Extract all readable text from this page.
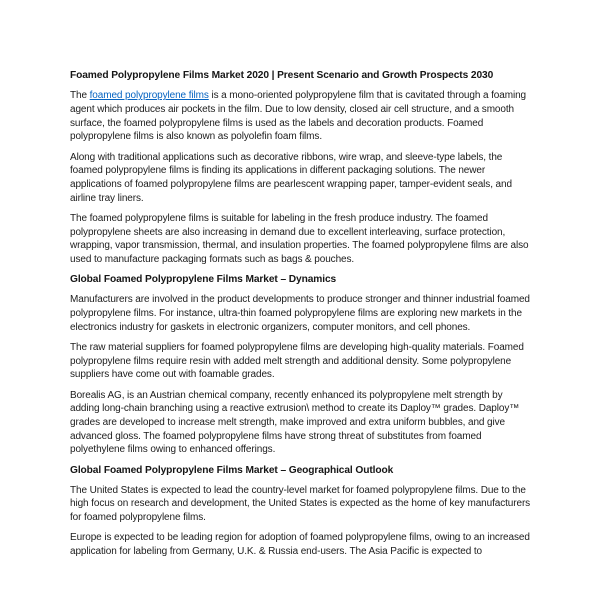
Foamed Polypropylene Films Market 2020 | Present Scenario and Growth Prospects 2030

The foamed polypropylene films is a mono-oriented polypropylene film that is cavitated through a foaming agent which produces air pockets in the film. Due to low density, closed air cell structure, and a smooth surface, the foamed polypropylene films is used as the labels and decoration products. Foamed polypropylene films is also known as polyolefin foam films.

Along with traditional applications such as decorative ribbons, wire wrap, and sleeve-type labels, the foamed polypropylene films is finding its applications in different packaging solutions. The newer applications of foamed polypropylene films are pearlescent wrapping paper, tamper-evident seals, and airline tray liners.

The foamed polypropylene films is suitable for labeling in the fresh produce industry. The foamed polypropylene sheets are also increasing in demand due to excellent interleaving, surface protection, wrapping, vapor transmission, thermal, and insulation properties. The foamed polypropylene films are also used to manufacture packaging formats such as bags & pouches.

Global Foamed Polypropylene Films Market – Dynamics

Manufacturers are involved in the product developments to produce stronger and thinner industrial foamed polypropylene films. For instance, ultra-thin foamed polypropylene films are exploring new markets in the electronics industry for gaskets in electronic organizers, computer monitors, and cell phones.

The raw material suppliers for foamed polypropylene films are developing high-quality materials. Foamed polypropylene films require resin with added melt strength and additional density. Some polypropylene suppliers have come out with foamable grades.

Borealis AG, is an Austrian chemical company, recently enhanced its polypropylene melt strength by adding long-chain branching using a reactive extrusion\ method to create its Daploy™ grades. Daploy™ grades are developed to increase melt strength, make improved and extra uniform bubbles, and give advanced gloss. The foamed polypropylene films have strong threat of substitutes from foamed polyethylene films owing to enhanced offerings.

Global Foamed Polypropylene Films Market – Geographical Outlook

The United States is expected to lead the country-level market for foamed polypropylene films. Due to the high focus on research and development, the United States is expected as the home of key manufacturers for foamed polypropylene films.

Europe is expected to be leading region for adoption of foamed polypropylene films, owing to an increased application for labeling from Germany, U.K. & Russia end-users. The Asia Pacific is expected to
